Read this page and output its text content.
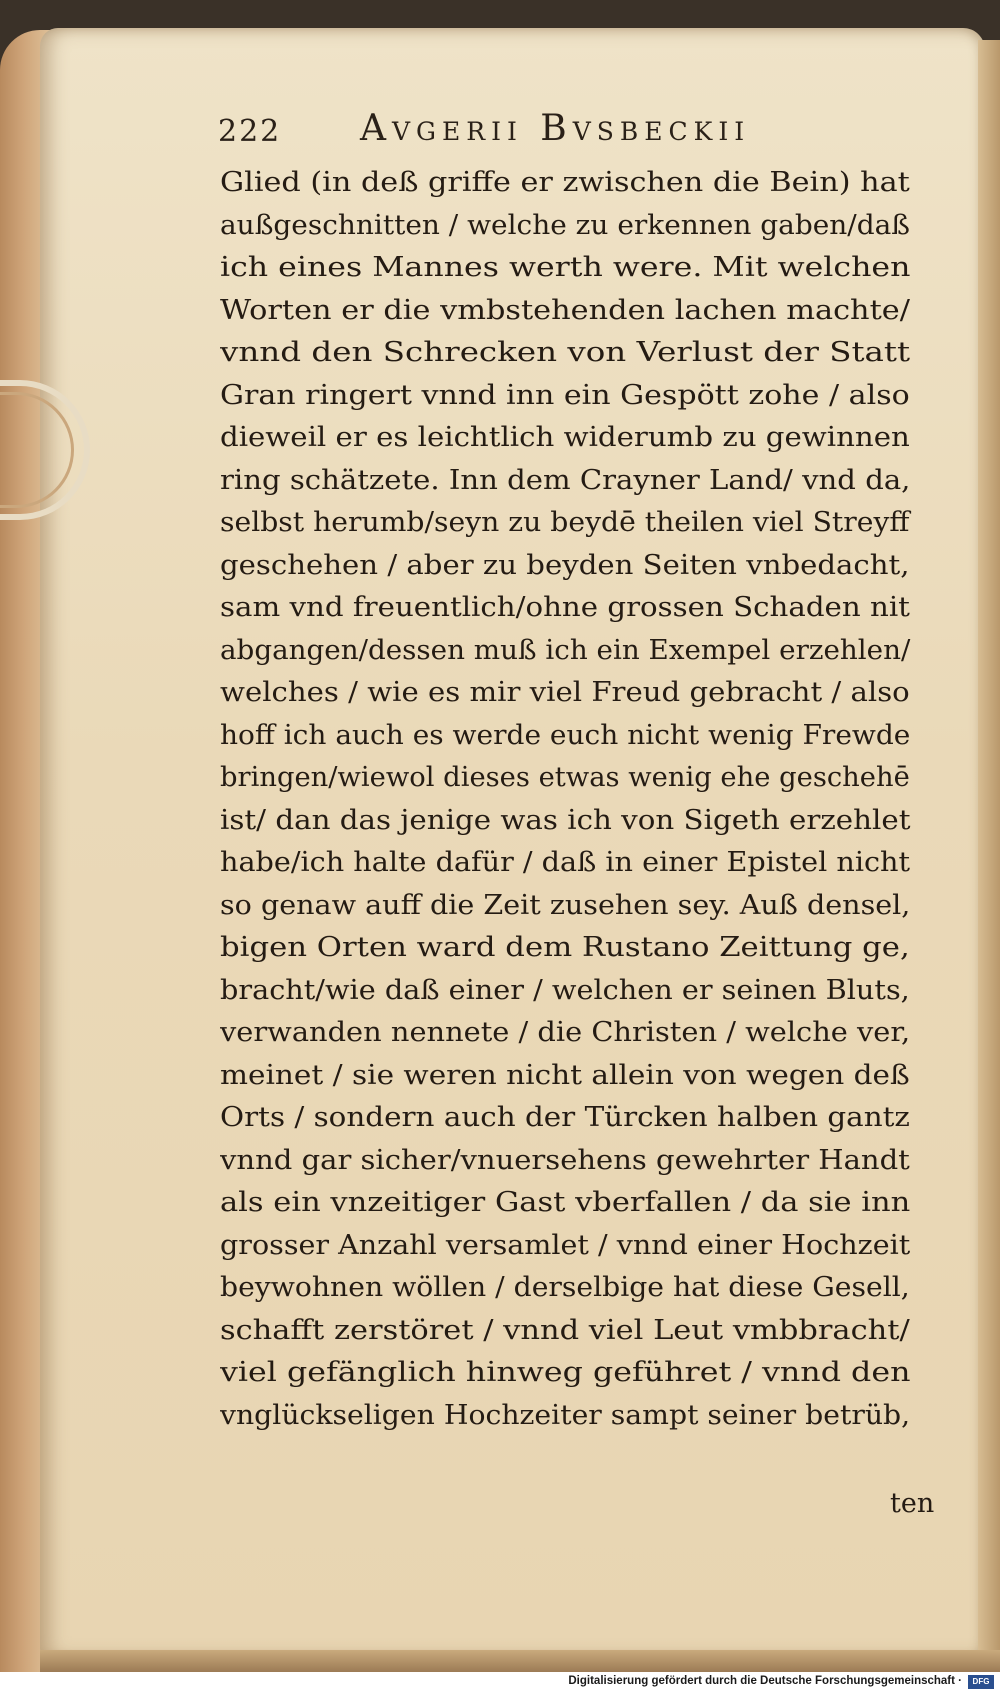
222 Avgerii Bvsbeckii
Glied (in deß griffe er zwischen die Bein) hat
außgeschnitten / welche zu erkennen gaben/daß
ich eines Mannes werth were. Mit welchen
Worten er die vmbstehenden lachen machte/
vnnd den Schrecken von Verlust der Statt
Gran ringert vnnd inn ein Gespött zohe / also
dieweil er es leichtlich widerumb zu gewinnen
ring schätzete. Inn dem Crayner Land/ vnd da,
selbst herumb/seyn zu beydē theilen viel Streyff
geschehen / aber zu beyden Seiten vnbedacht,
sam vnd freuentlich/ohne grossen Schaden nit
abgangen/dessen muß ich ein Exempel erzehlen/
welches / wie es mir viel Freud gebracht / also
hoff ich auch es werde euch nicht wenig Frewde
bringen/wiewol dieses etwas wenig ehe geschehē
ist/ dan das jenige was ich von Sigeth erzehlet
habe/ich halte dafür / daß in einer Epistel nicht
so genaw auff die Zeit zusehen sey. Auß densel,
bigen Orten ward dem Rustano Zeittung ge,
bracht/wie daß einer / welchen er seinen Bluts,
verwanden nennete / die Christen / welche ver,
meinet / sie weren nicht allein von wegen deß
Orts / sondern auch der Türcken halben gantz
vnnd gar sicher/vnuersehens gewehrter Handt
als ein vnzeitiger Gast vberfallen / da sie inn
grosser Anzahl versamlet / vnnd einer Hochzeit
beywohnen wöllen / derselbige hat diese Gesell,
schafft zerstöret / vnnd viel Leut vmbbracht/
viel gefänglich hinweg geführet / vnnd den
vnglückseligen Hochzeiter sampt seiner betrüb,
ten
Digitalisierung gefördert durch die Deutsche Forschungsgemeinschaft ·	DFG
